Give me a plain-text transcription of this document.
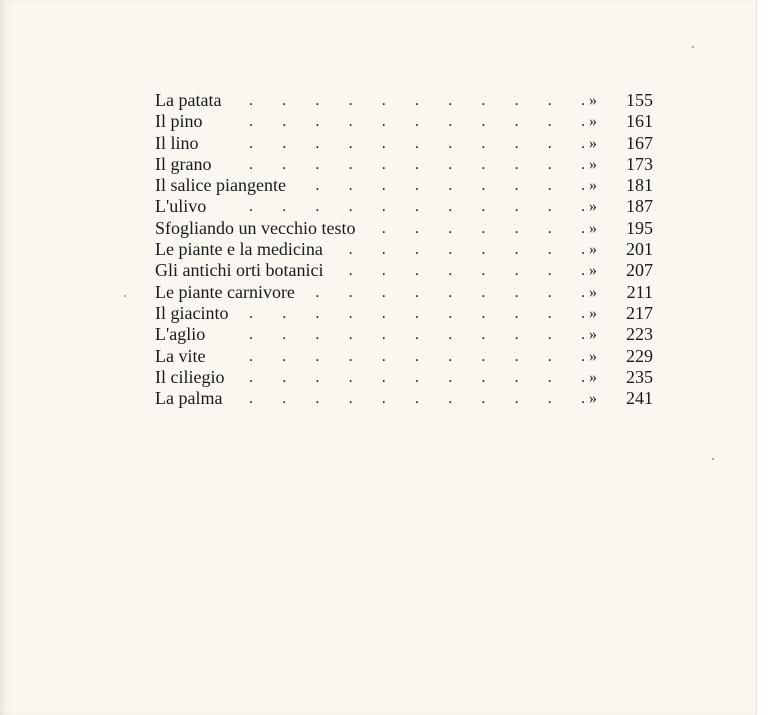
. . .
La patata	»	155
. . .
Il pino	»	161
. . .
Il lino	»	167
. . .
Il grano	»	173
. . .
Il salice piangente	»	181
. . .
L'ulivo	»	187
. . .
Sfogliando un vecchio testo	»	195
. . .
Le piante e la medicina	»	201
. . .
Gli antichi orti botanici	»	207
. . .
Le piante carnivore	»	211
. . .
Il giacinto	»	217
. . .
L'aglio	»	223
. . .
La vite	»	229
. . .
Il ciliegio	»	235
. . .
La palma	»	241
